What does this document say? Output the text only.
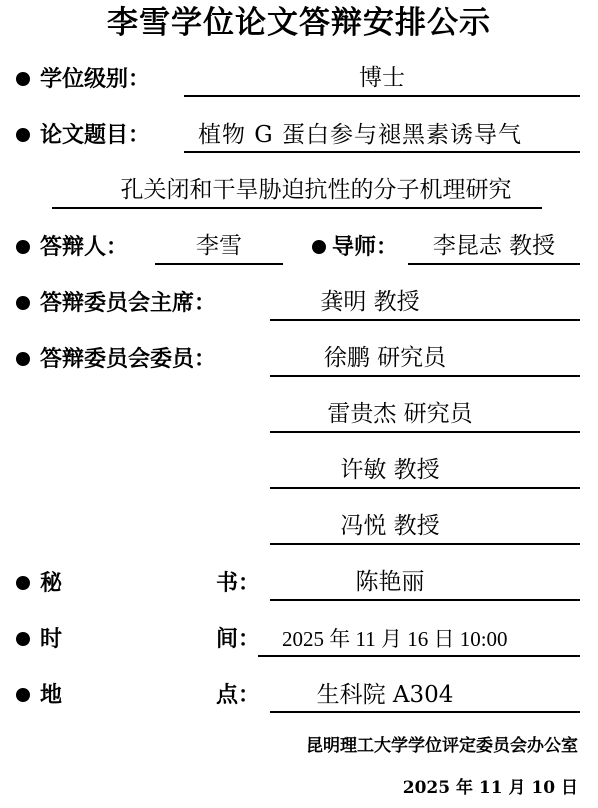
李雪学位论文答辩安排公示
学位级别：	博士
论文题目： 植物 G 蛋白参与褪黑素诱导气
孔关闭和干旱胁迫抗性的分子机理研究
答辩人：	李雪	导师：	李昆志 教授
答辩委员会主席：	龚明 教授
答辩委员会委员：	徐鹏 研究员
雷贵杰 研究员
许敏 教授
冯悦 教授
秘	书：	陈艳丽
时	间： 2025 年 11 月 16 日 10:00
地	点：	生科院 A304
昆明理工大学学位评定委员会办公室
2025 年 11 月 10 日
